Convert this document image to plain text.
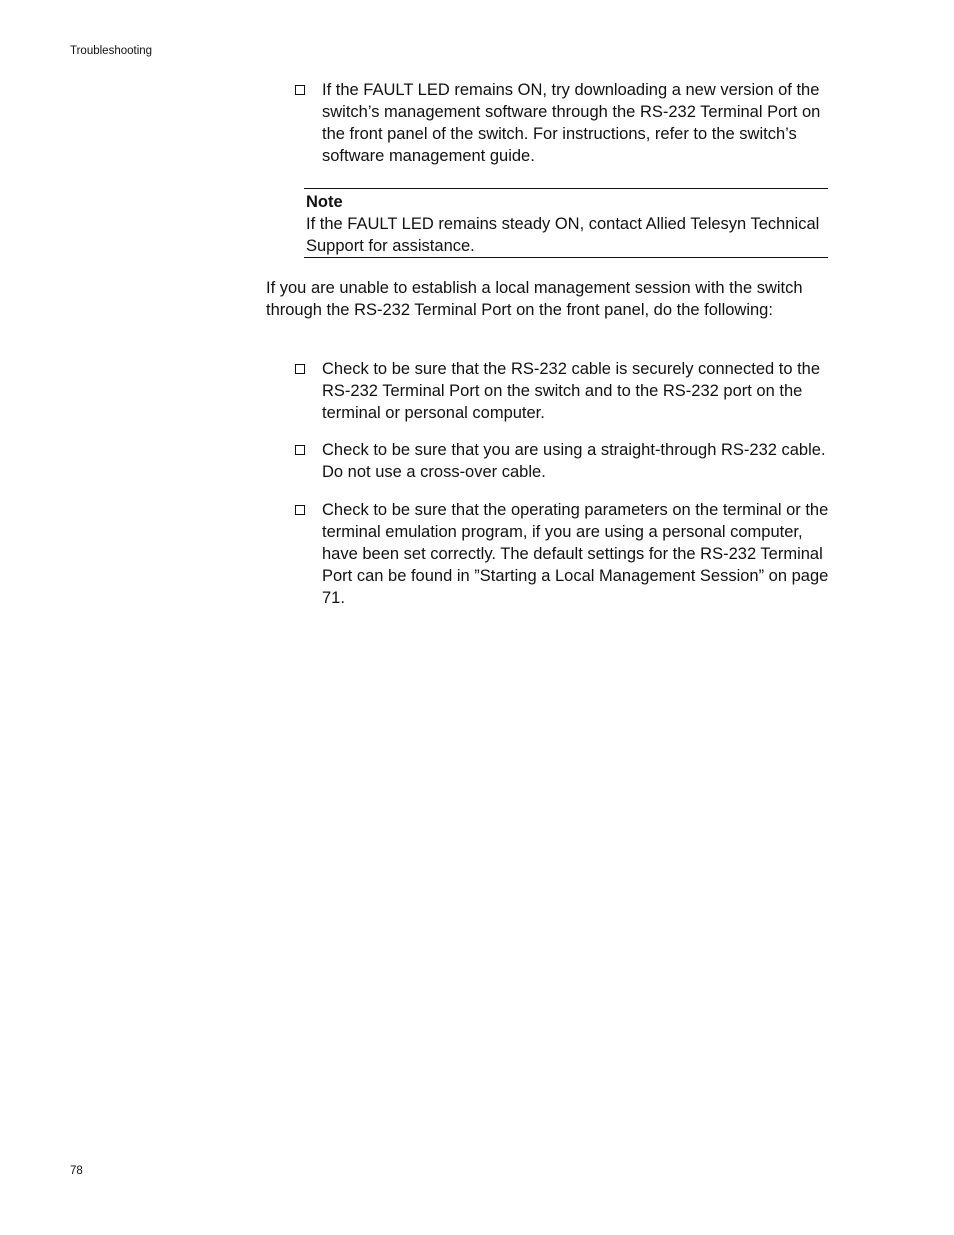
Troubleshooting
If the FAULT LED remains ON, try downloading a new version of the switch’s management software through the RS-232 Terminal Port on the front panel of the switch. For instructions, refer to the switch’s software management guide.
Note
If the FAULT LED remains steady ON, contact Allied Telesyn Technical Support for assistance.
If you are unable to establish a local management session with the switch through the RS-232 Terminal Port on the front panel, do the following:
Check to be sure that the RS-232 cable is securely connected to the RS-232 Terminal Port on the switch and to the RS-232 port on the terminal or personal computer.
Check to be sure that you are using a straight-through RS-232 cable. Do not use a cross-over cable.
Check to be sure that the operating parameters on the terminal or the terminal emulation program, if you are using a personal computer, have been set correctly. The default settings for the RS-232 Terminal Port can be found in ”Starting a Local Management Session” on page 71.
78
